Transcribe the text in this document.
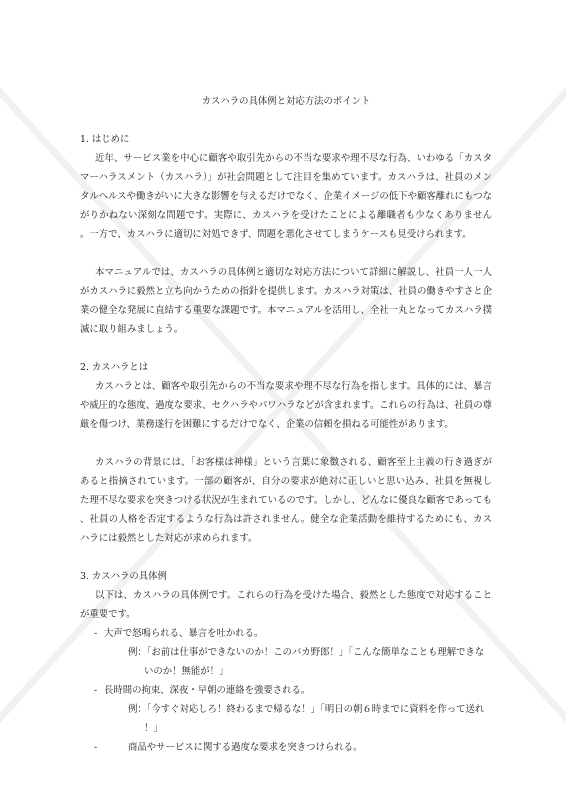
カスハラの具体例と対応方法のポイント
1. はじめに

近年、サービス業を中心に顧客や取引先からの不当な要求や理不尽な行為、いわゆる「カスタマーハラスメント（カスハラ）」が社会問題として注目を集めています。カスハラは、社員のメンタルヘルスや働きがいに大きな影響を与えるだけでなく、企業イメージの低下や顧客離れにもつながりかねない深刻な問題です。実際に、カスハラを受けたことによる離職者も少なくありません。一方で、カスハラに適切に対処できず、問題を悪化させてしまうケースも見受けられます。

本マニュアルでは、カスハラの具体例と適切な対応方法について詳細に解説し、社員一人一人がカスハラに毅然と立ち向かうための指針を提供します。カスハラ対策は、社員の働きやすさと企業の健全な発展に直結する重要な課題です。本マニュアルを活用し、全社一丸となってカスハラ撲滅に取り組みましょう。

2. カスハラとは

カスハラとは、顧客や取引先からの不当な要求や理不尽な行為を指します。具体的には、暴言や威圧的な態度、過度な要求、セクハラやパワハラなどが含まれます。これらの行為は、社員の尊厳を傷つけ、業務遂行を困難にするだけでなく、企業の信頼を損ねる可能性があります。

カスハラの背景には、「お客様は神様」という言葉に象徴される、顧客至上主義の行き過ぎがあると指摘されています。一部の顧客が、自分の要求が絶対に正しいと思い込み、社員を無視した理不尽な要求を突きつける状況が生まれているのです。しかし、どんなに優良な顧客であっても、社員の人格を否定するような行為は許されません。健全な企業活動を維持するためにも、カスハラには毅然とした対応が求められます。

3. カスハラの具体例

以下は、カスハラの具体例です。これらの行為を受けた場合、毅然とした態度で対応することが重要です。

- 大声で怒鳴られる、暴言を吐かれる。
例：「お前は仕事ができないのか！このバカ野郎！」「こんな簡単なことも理解できないのか！無能が！」
- 長時間の拘束、深夜・早朝の連絡を強要される。
例：「今すぐ対応しろ！終わるまで帰るな！」「明日の朝６時までに資料を作って送れ！」
-	商品やサービスに関する過度な要求を突きつけられる。
